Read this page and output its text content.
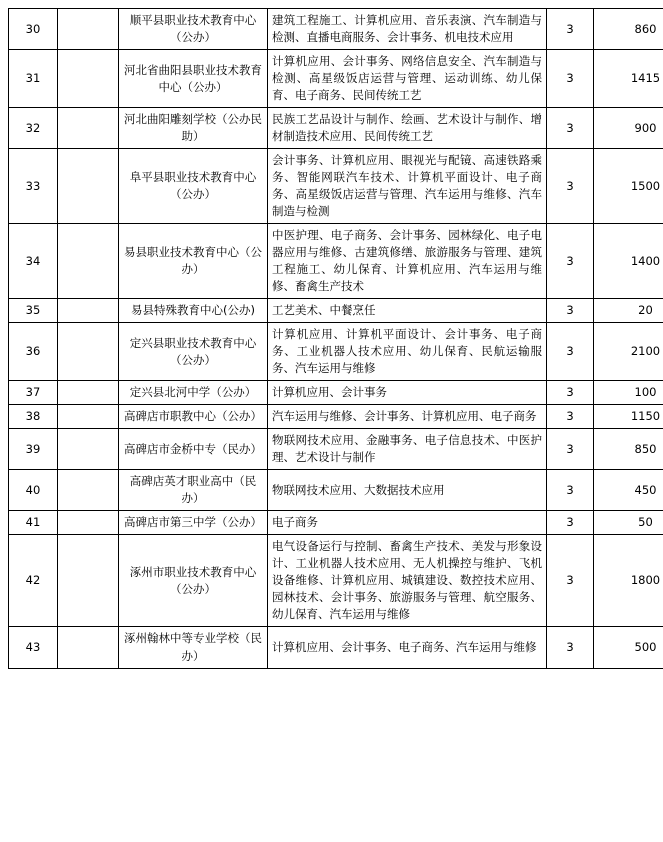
30		顺平县职业技术教育中心（公办）	建筑工程施工、计算机应用、音乐表演、汽车制造与检测、直播电商服务、会计事务、机电技术应用	3	860
31		河北省曲阳县职业技术教育中心（公办）	计算机应用、会计事务、网络信息安全、汽车制造与检测、高星级饭店运营与管理、运动训练、幼儿保育、电子商务、民间传统工艺	3	1415
32		河北曲阳雕刻学校（公办民助）	民族工艺品设计与制作、绘画、艺术设计与制作、增材制造技术应用、民间传统工艺	3	900
33		阜平县职业技术教育中心（公办）	会计事务、计算机应用、眼视光与配镜、高速铁路乘务、智能网联汽车技术、计算机平面设计、电子商务、高星级饭店运营与管理、汽车运用与维修、汽车制造与检测	3	1500
34		易县职业技术教育中心（公办）	中医护理、电子商务、会计事务、园林绿化、电子电器应用与维修、古建筑修缮、旅游服务与管理、建筑工程施工、幼儿保育、计算机应用、汽车运用与维修、畜禽生产技术	3	1400
35		易县特殊教育中心(公办)	工艺美术、中餐烹任	3	20
36		定兴县职业技术教育中心（公办）	计算机应用、计算机平面设计、会计事务、电子商务、工业机器人技术应用、幼儿保育、民航运输服务、汽车运用与维修	3	2100
37		定兴县北河中学（公办）	计算机应用、会计事务	3	100
38		高碑店市职教中心（公办）	汽车运用与维修、会计事务、计算机应用、电子商务	3	1150
39		高碑店市金桥中专（民办）	物联网技术应用、金融事务、电子信息技术、中医护理、艺术设计与制作	3	850
40		高碑店英才职业高中（民办）	物联网技术应用、大数据技术应用	3	450
41		高碑店市第三中学（公办）	电子商务	3	50
42		涿州市职业技术教育中心（公办）	电气设备运行与控制、畜禽生产技术、美发与形象设计、工业机器人技术应用、无人机操控与维护、飞机设备维修、计算机应用、城镇建设、数控技术应用、园林技术、会计事务、旅游服务与管理、航空服务、幼儿保育、汽车运用与维修	3	1800
43		涿州翰林中等专业学校（民办）	计算机应用、会计事务、电子商务、汽车运用与维修	3	500
